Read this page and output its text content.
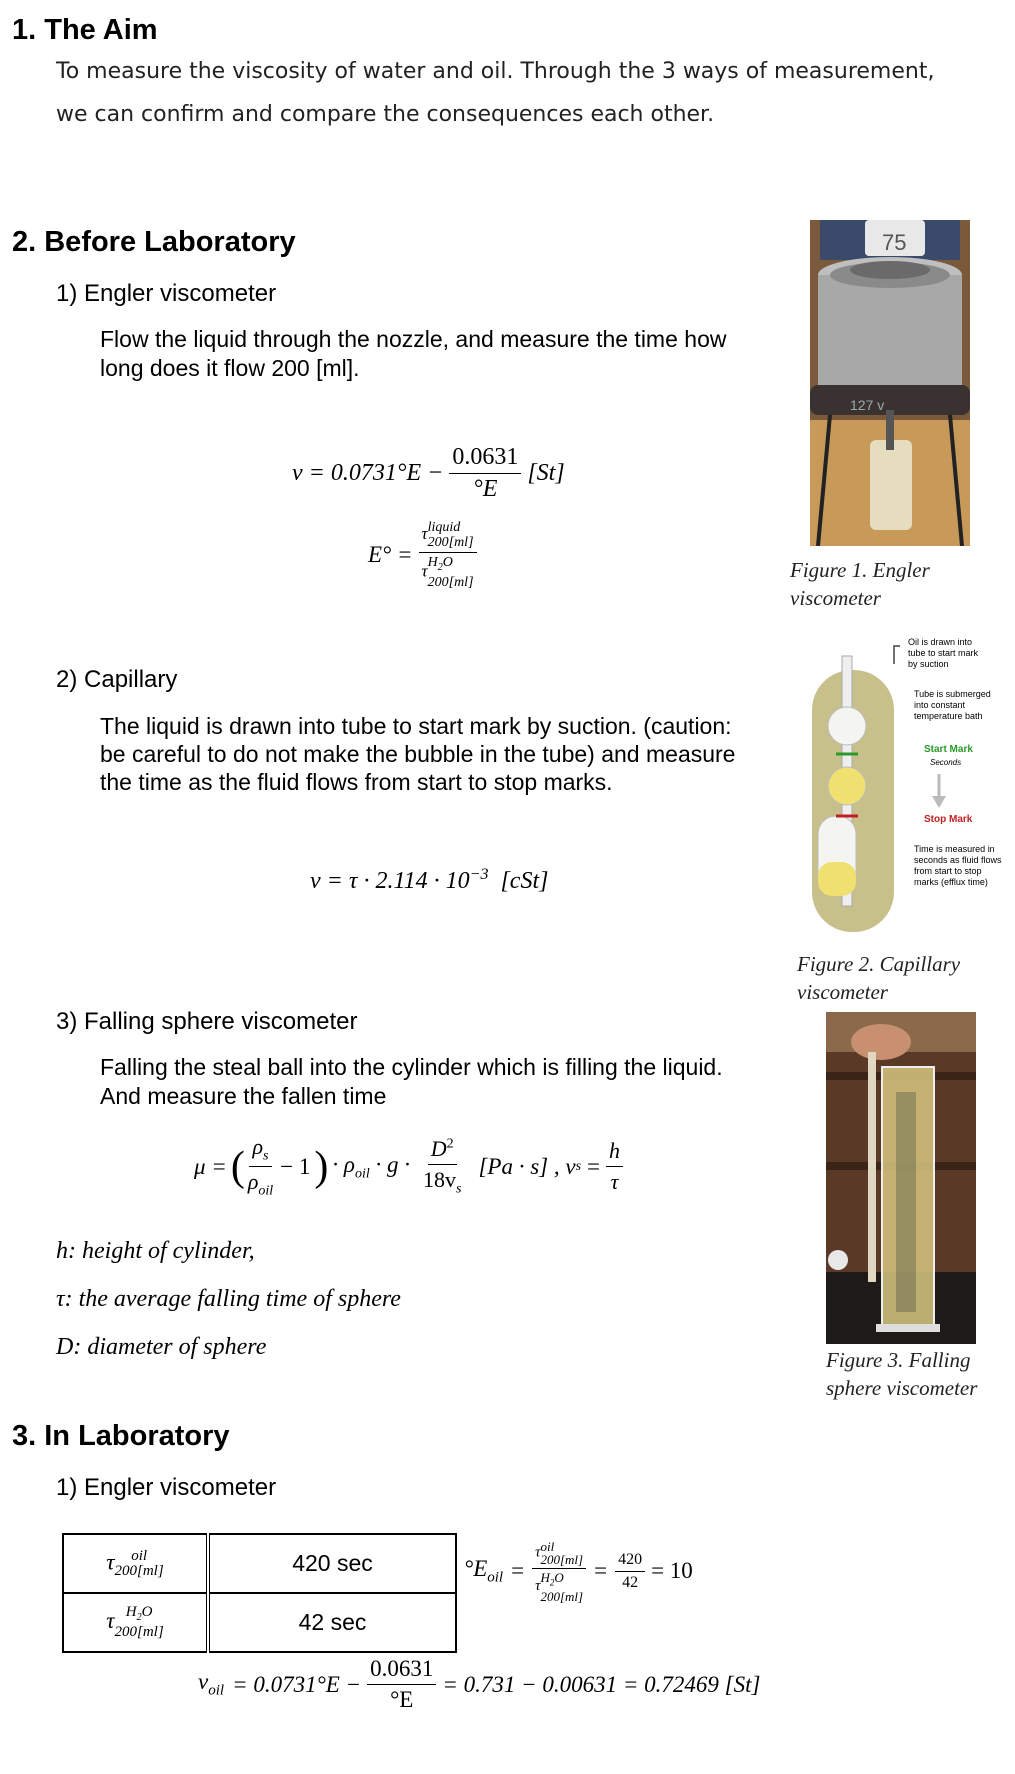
1. The Aim
To measure the viscosity of water and oil. Through the 3 ways of measurement,
we can confirm and compare the consequences each other.
2. Before Laboratory
1) Engler viscometer
Flow the liquid through the nozzle, and measure the time how
long does it flow 200 [ml].
$\nu = 0.0731^\circ E - \frac{0.0631}{^\circ E} [St]$
E° = τ liquid
200[ml]
τ $H_2O$
200[ml]
2) Capillary
The liquid is drawn into tube to start mark by suction. (caution:
be careful to do not make the bubble in the tube) and measure
the time as the fluid flows from start to stop marks.
$\nu = \tau \cdot 2.114 \cdot 10^{-3}$ [cSt]
3) Falling sphere viscometer
Falling the steal ball into the cylinder which is filling the liquid.
And measure the fallen time
μ = ( $\frac{\rho_s}{\rho_{oil}} - 1$ ) · $\rho_{oil} \cdot g \cdot \frac{D^2}{18v_s} [Pa \cdot s]$ , v $s = \frac{h}{\tau}$
h: height of cylinder,
τ: the average falling time of sphere
D: diameter of sphere
3. In Laboratory
1) Engler viscometer
τ oil
200[ml]	420 sec
τ $H_2O$
200[ml]	42 sec
$^\circ E_{oil} = \tau$ oil
200[ml]
τ
$H_2O$
$200[ml] = \frac{420}{42} = 10$
$v_{oil} = 0.0731^\circ E - \frac{0.0631}{^\circ E} = 0.731 - 0.00631 = 0.72469$ [St]
75
127 v
Figure 1. Engler
viscometer
Oil is drawn into
tube to start mark
by suction
Tube is submerged
into constant
temperature bath
Start Mark
Seconds
Stop Mark
Time is measured in
seconds as fluid flows
from start to stop
marks (efflux time)
Figure 2. Capillary
viscometer
Figure 3. Falling
sphere viscometer
